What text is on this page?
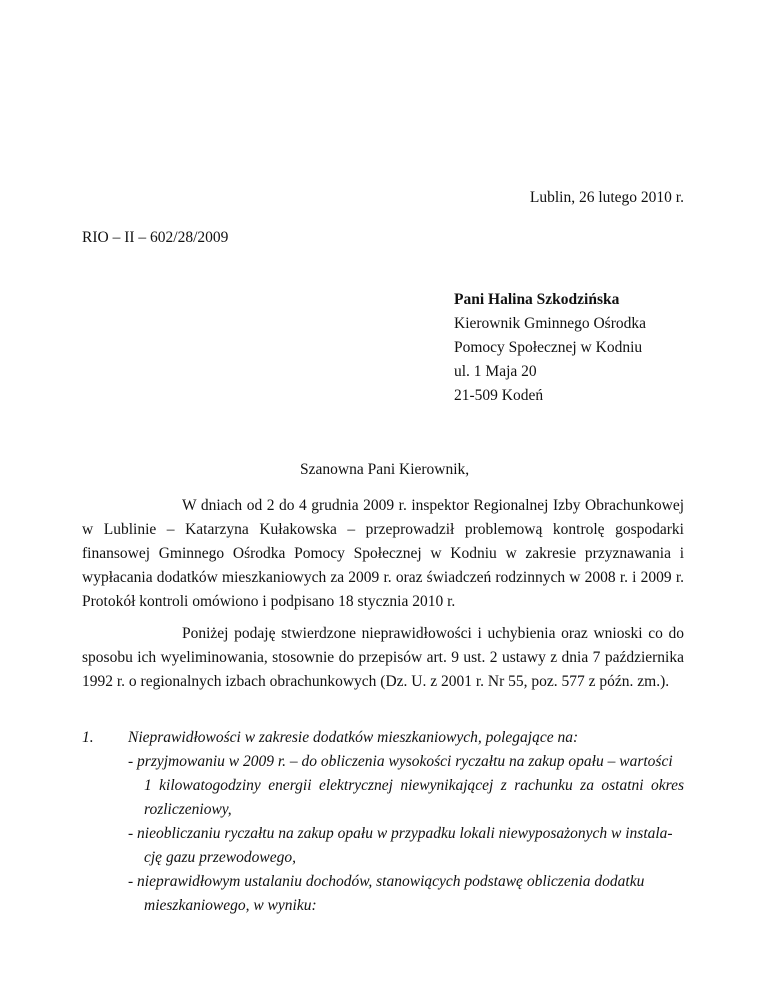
Lublin, 26 lutego 2010 r.
RIO – II – 602/28/2009
Pani Halina Szkodzińska
Kierownik Gminnego Ośrodka
Pomocy Społecznej w Kodniu
ul. 1 Maja 20
21-509 Kodeń
Szanowna Pani Kierownik,
W dniach od 2 do 4 grudnia 2009 r. inspektor Regionalnej Izby Obrachunkowej w Lublinie – Katarzyna Kułakowska – przeprowadził problemową kontrolę gospodarki finansowej Gminnego Ośrodka Pomocy Społecznej w Kodniu w zakresie przyznawania i wypłacania dodatków mieszkaniowych za 2009 r. oraz świadczeń rodzinnych w 2008 r. i 2009 r. Protokół kontroli omówiono i podpisano 18 stycznia 2010 r.
Poniżej podaję stwierdzone nieprawidłowości i uchybienia oraz wnioski co do sposobu ich wyeliminowania, stosownie do przepisów art. 9 ust. 2 ustawy z dnia 7 października 1992 r. o regionalnych izbach obrachunkowych (Dz. U. z 2001 r. Nr 55, poz. 577 z późn. zm.).
1. Nieprawidłowości w zakresie dodatków mieszkaniowych, polegające na:
- przyjmowaniu w 2009 r. – do obliczenia wysokości ryczałtu na zakup opału – wartości
1 kilowatogodziny energii elektrycznej niewynikającej z rachunku za ostatni okres rozliczeniowy,
- nieobliczaniu ryczałtu na zakup opału w przypadku lokali niewyposażonych w instala-
cję gazu przewodowego,
- nieprawidłowym ustalaniu dochodów, stanowiących podstawę obliczenia dodatku
mieszkaniowego, w wyniku:
